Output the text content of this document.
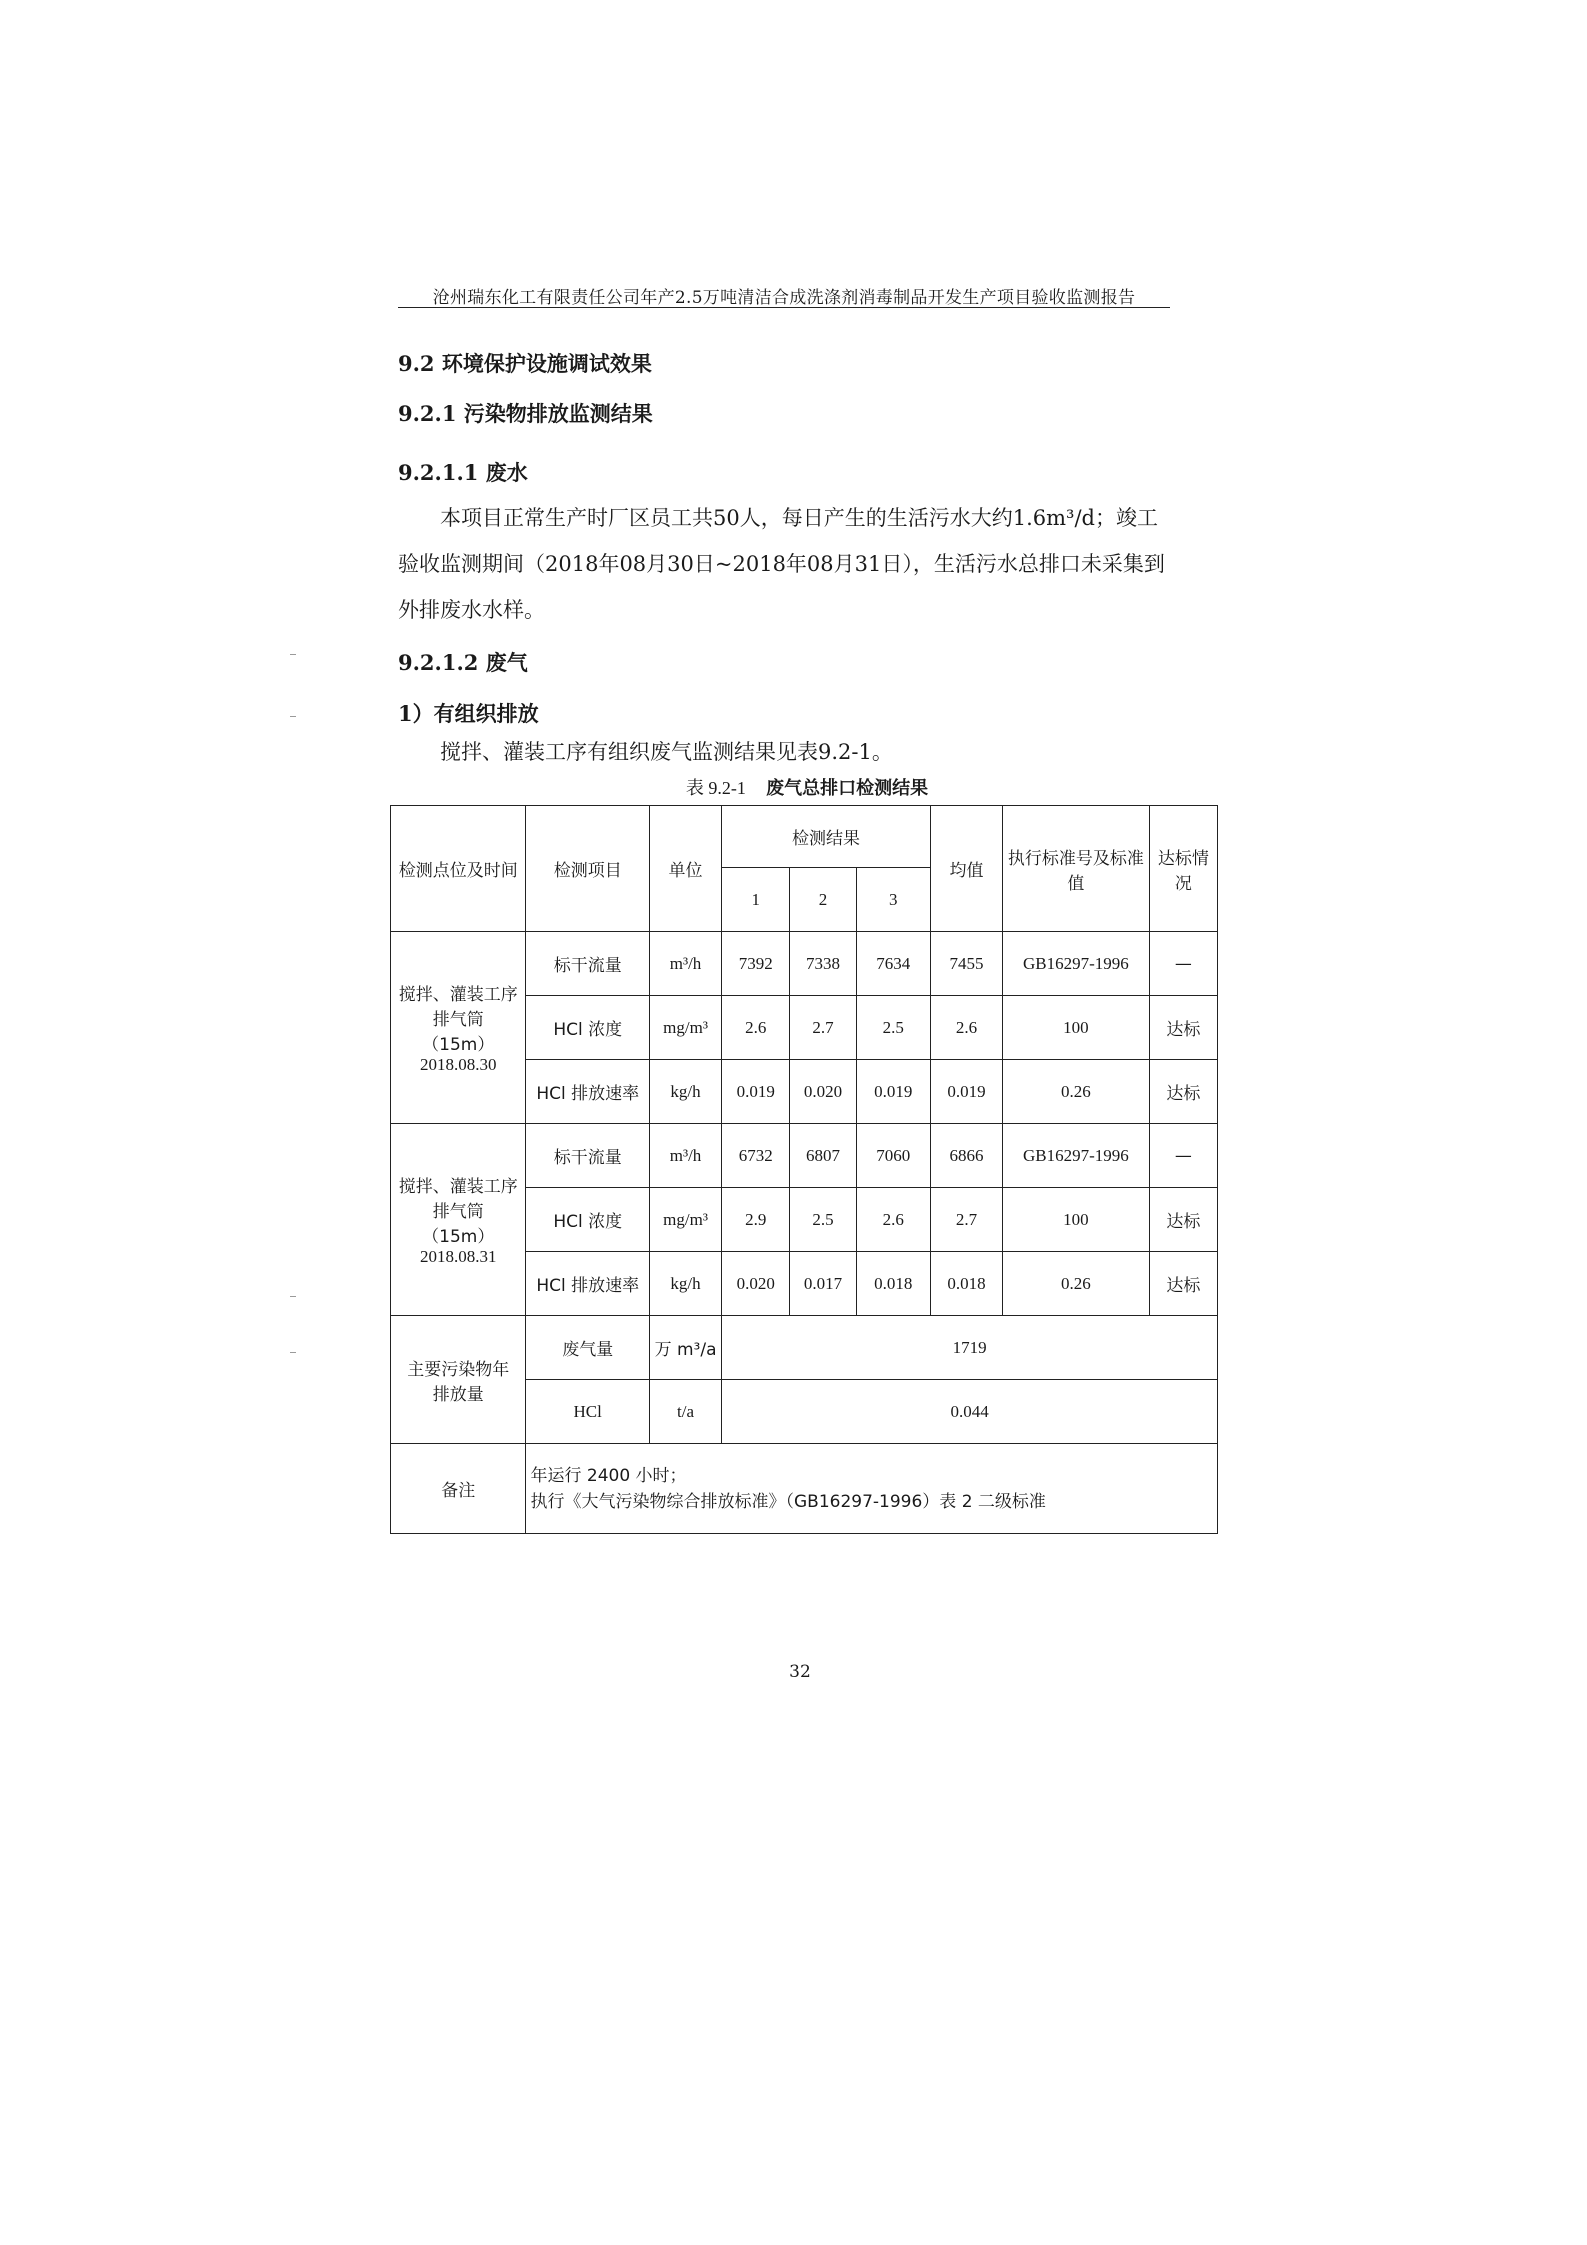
沧州瑞东化工有限责任公司年产2.5万吨清洁合成洗涤剂消毒制品开发生产项目验收监测报告
9.2 环境保护设施调试效果
9.2.1 污染物排放监测结果
9.2.1.1 废水
本项目正常生产时厂区员工共50人，每日产生的生活污水大约1.6m³/d；竣工验收监测期间（2018年08月30日~2018年08月31日），生活污水总排口未采集到外排废水水样。
9.2.1.2 废气
1）有组织排放
搅拌、灌装工序有组织废气监测结果见表9.2-1。
表 9.2-1 废气总排口检测结果
检测点位及时间	检测项目	单位	检测结果			均值	执行标准号及标准值	达标情况
			1	2	3			

搅拌、灌装工序
排气筒
（15m）
2018.08.30	标干流量	m³/h	7392	7338	7634	7455	GB16297-1996	—
	HCl 浓度	mg/m³	2.6	2.7	2.5	2.6	100	达标
	HCl 排放速率	kg/h	0.019	0.020	0.019	0.019	0.26	达标

搅拌、灌装工序
排气筒
（15m）
2018.08.31	标干流量	m³/h	6732	6807	7060	6866	GB16297-1996	—
	HCl 浓度	mg/m³	2.9	2.5	2.6	2.7	100	达标
	HCl 排放速率	kg/h	0.020	0.017	0.018	0.018	0.26	达标

主要污染物年
排放量	废气量	万 m³/a	1719					
	HCl	t/a	0.044					
备注	年运行 2400 小时；
执行《大气污染物综合排放标准》（GB16297-1996）表 2 二级标准							
32
